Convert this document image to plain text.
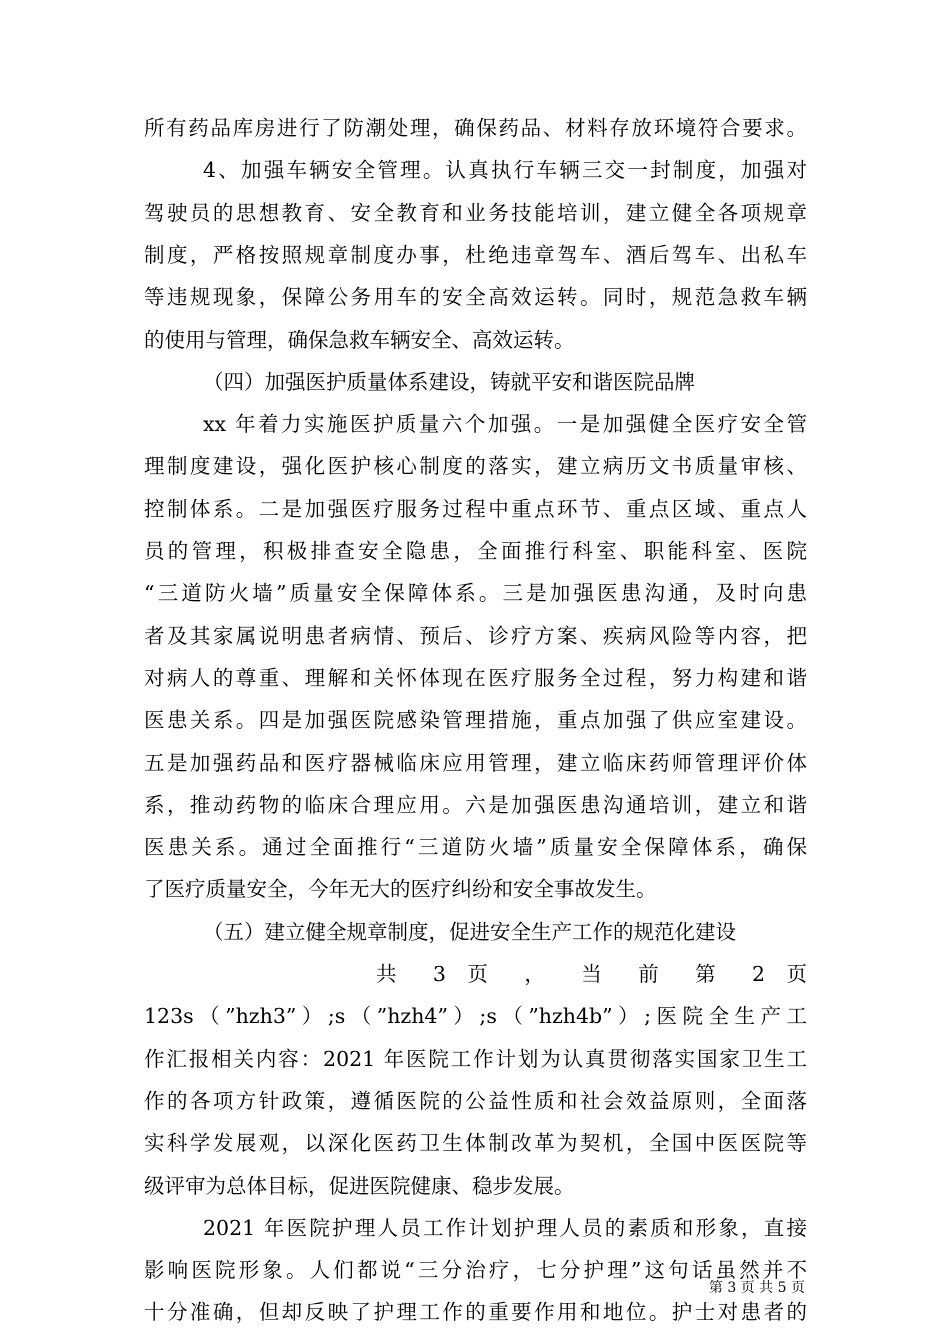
所有药品库房进行了防潮处理，确保药品、材料存放环境符合要求。
4、加强车辆安全管理。认真执行车辆三交一封制度，加强对
驾驶员的思想教育、安全教育和业务技能培训，建立健全各项规章
制度，严格按照规章制度办事，杜绝违章驾车、酒后驾车、出私车
等违规现象，保障公务用车的安全高效运转。同时，规范急救车辆
的使用与管理，确保急救车辆安全、高效运转。
（四）加强医护质量体系建设，铸就平安和谐医院品牌
xx 年着力实施医护质量六个加强。一是加强健全医疗安全管
理制度建设，强化医护核心制度的落实，建立病历文书质量审核、
控制体系。二是加强医疗服务过程中重点环节、重点区域、重点人
员的管理，积极排查安全隐患，全面推行科室、职能科室、医院
“三道防火墙”质量安全保障体系。三是加强医患沟通，及时向患
者及其家属说明患者病情、预后、诊疗方案、疾病风险等内容，把
对病人的尊重、理解和关怀体现在医疗服务全过程，努力构建和谐
医患关系。四是加强医院感染管理措施，重点加强了供应室建设。
五是加强药品和医疗器械临床应用管理，建立临床药师管理评价体
系，推动药物的临床合理应用。六是加强医患沟通培训，建立和谐
医患关系。通过全面推行“三道防火墙”质量安全保障体系，确保
了医疗质量安全，今年无大的医疗纠纷和安全事故发生。
（五）建立健全规章制度，促进安全生产工作的规范化建设
共 3 页 ， 当 前 第 2 页
123s（”hzh3”）;s（”hzh4”）;s（”hzh4b”）;医院全生产工
作汇报相关内容：2021 年医院工作计划为认真贯彻落实国家卫生工
作的各项方针政策，遵循医院的公益性质和社会效益原则，全面落
实科学发展观，以深化医药卫生体制改革为契机，全国中医医院等
级评审为总体目标，促进医院健康、稳步发展。
第 3 页 共 5 页
2021 年医院护理人员工作计划护理人员的素质和形象，直接
影响医院形象。人们都说“三分治疗，七分护理”这句话虽然并不
十分准确，但却反映了护理工作的重要作用和地位。护士对患者的
